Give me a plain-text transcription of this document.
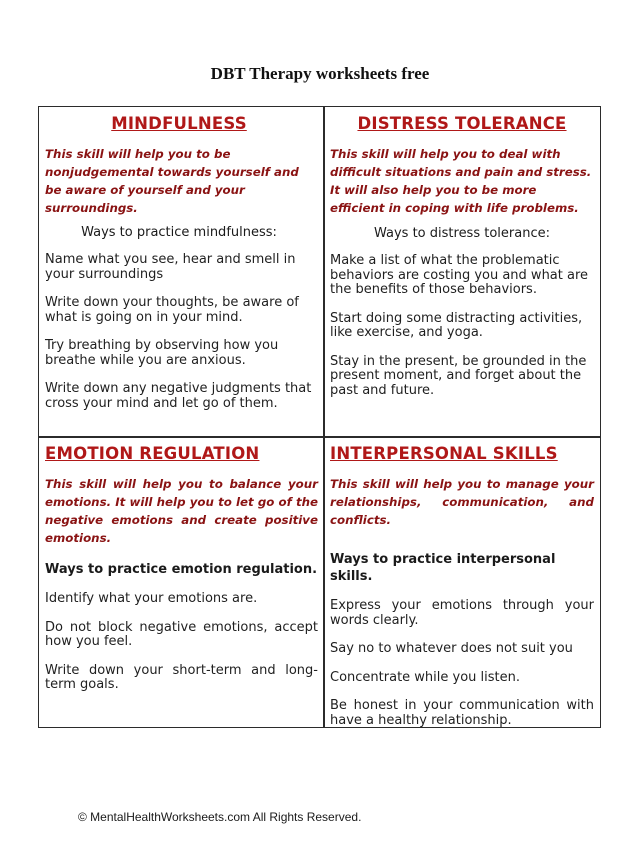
DBT Therapy worksheets free
MINDFULNESS

This skill will help you to be nonjudgemental towards yourself and be aware of yourself and your surroundings.

Ways to practice mindfulness:

Name what you see, hear and smell in your surroundings

Write down your thoughts, be aware of what is going on in your mind.

Try breathing by observing how you breathe while you are anxious.

Write down any negative judgments that cross your mind and let go of them.

DISTRESS TOLERANCE

This skill will help you to deal with difficult situations and pain and stress. It will also help you to be more efficient in coping with life problems.

Ways to distress tolerance:

Make a list of what the problematic behaviors are costing you and what are the benefits of those behaviors.

Start doing some distracting activities, like exercise, and yoga.

Stay in the present, be grounded in the present moment, and forget about the past and future.

EMOTION REGULATION

This skill will help you to balance your emotions. It will help you to let go of the negative emotions and create positive emotions.

Ways to practice emotion regulation.

Identify what your emotions are.

Do not block negative emotions, accept how you feel.

Write down your short-term and long-term goals.

INTERPERSONAL SKILLS

This skill will help you to manage your relationships, communication, and conflicts.

Ways to practice interpersonal skills.

Express your emotions through your words clearly.

Say no to whatever does not suit you

Concentrate while you listen.

Be honest in your communication with have a healthy relationship.

© MentalHealthWorksheets.com All Rights Reserved.
